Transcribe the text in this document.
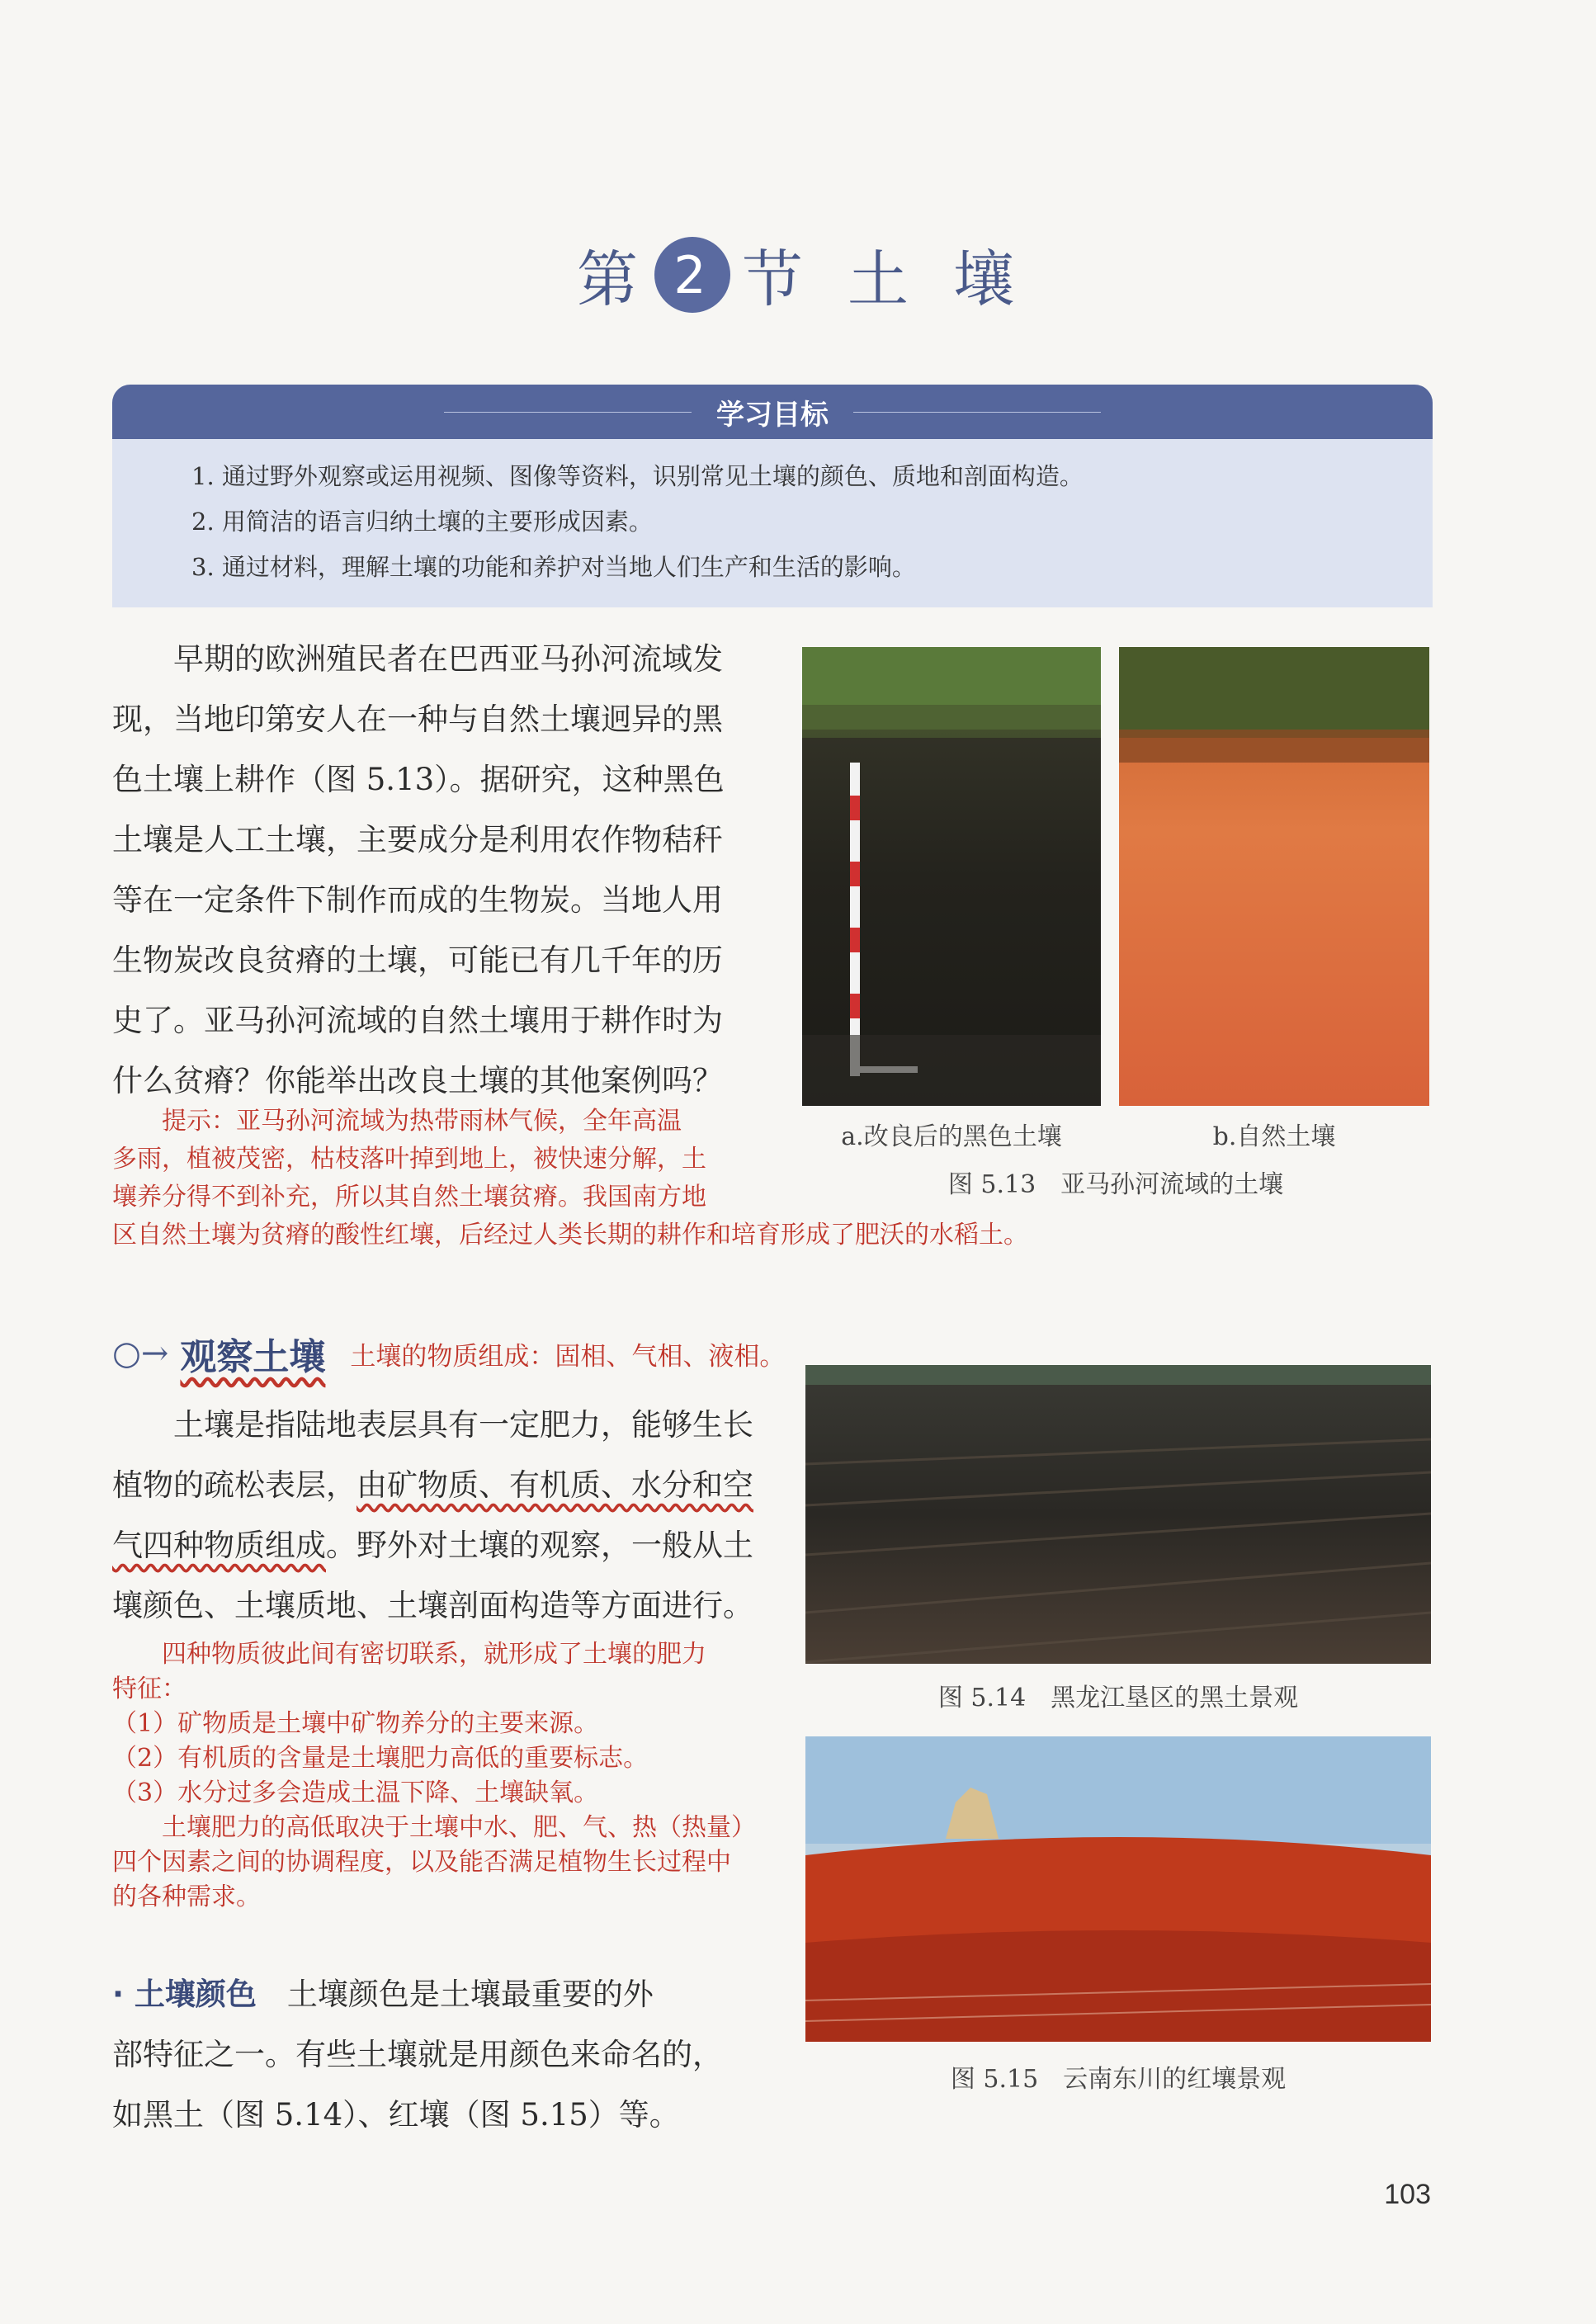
第 2 节 土 壤
学习目标
1. 通过野外观察或运用视频、图像等资料，识别常见土壤的颜色、质地和剖面构造。
2. 用简洁的语言归纳土壤的主要形成因素。
3. 通过材料，理解土壤的功能和养护对当地人们生产和生活的影响。

　　早期的欧洲殖民者在巴西亚马孙河流域发

现，当地印第安人在一种与自然土壤迥异的黑

色土壤上耕作（图 5.13）。据研究，这种黑色

土壤是人工土壤，主要成分是利用农作物秸秆

等在一定条件下制作而成的生物炭。当地人用

生物炭改良贫瘠的土壤，可能已有几千年的历

史了。亚马孙河流域的自然土壤用于耕作时为

什么贫瘠？你能举出改良土壤的其他案例吗？

　　提示：亚马孙河流域为热带雨林气候，全年高温

多雨，植被茂密，枯枝落叶掉到地上，被快速分解，土

壤养分得不到补充，所以其自然土壤贫瘠。我国南方地

区自然土壤为贫瘠的酸性红壤，后经过人类长期的耕作和培育形成了肥沃的水稻土。

a.改良后的黑色土壤	b.自然土壤
图 5.13　亚马孙河流域的土壤
○→ 观察土壤 土壤的物质组成：固相、气相、液相。

　　土壤是指陆地表层具有一定肥力，能够生长

植物的疏松表层，由矿物质、有机质、水分和空

气四种物质组成。野外对土壤的观察，一般从土

壤颜色、土壤质地、土壤剖面构造等方面进行。

　　四种物质彼此间有密切联系，就形成了土壤的肥力

特征：

（1）矿物质是土壤中矿物养分的主要来源。

（2）有机质的含量是土壤肥力高低的重要标志。

（3）水分过多会造成土温下降、土壤缺氧。

　　土壤肥力的高低取决于土壤中水、肥、气、热（热量）

四个因素之间的协调程度，以及能否满足植物生长过程中

的各种需求。

· 土壤颜色　土壤颜色是土壤最重要的外

部特征之一。有些土壤就是用颜色来命名的，

如黑土（图 5.14）、红壤（图 5.15）等。

图 5.14　黑龙江垦区的黑土景观
图 5.15　云南东川的红壤景观
103
